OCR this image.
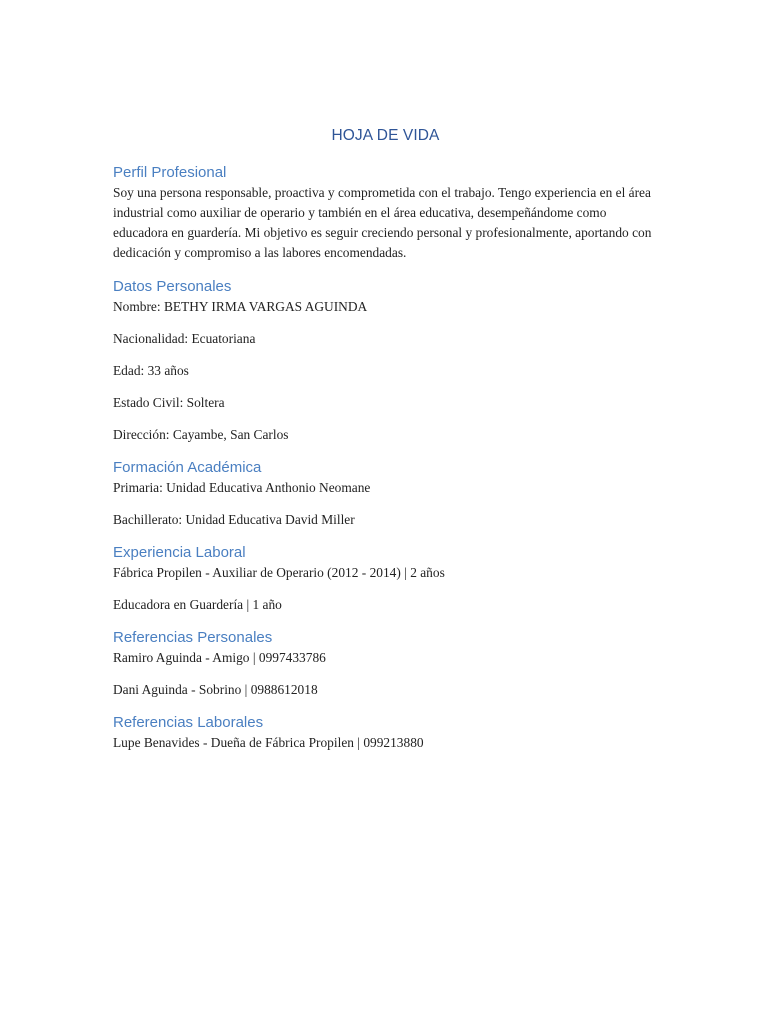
HOJA DE VIDA
Perfil Profesional

Soy una persona responsable, proactiva y comprometida con el trabajo. Tengo experiencia en el área industrial como auxiliar de operario y también en el área educativa, desempeñándome como educadora en guardería. Mi objetivo es seguir creciendo personal y profesionalmente, aportando con dedicación y compromiso a las labores encomendadas.

Datos Personales

Nombre: BETHY IRMA VARGAS AGUINDA

Nacionalidad: Ecuatoriana

Edad: 33 años

Estado Civil: Soltera

Dirección: Cayambe, San Carlos

Formación Académica

Primaria: Unidad Educativa Anthonio Neomane

Bachillerato: Unidad Educativa David Miller

Experiencia Laboral

Fábrica Propilen - Auxiliar de Operario (2012 - 2014) | 2 años

Educadora en Guardería | 1 año

Referencias Personales

Ramiro Aguinda - Amigo | 0997433786

Dani Aguinda - Sobrino | 0988612018

Referencias Laborales

Lupe Benavides - Dueña de Fábrica Propilen | 099213880
